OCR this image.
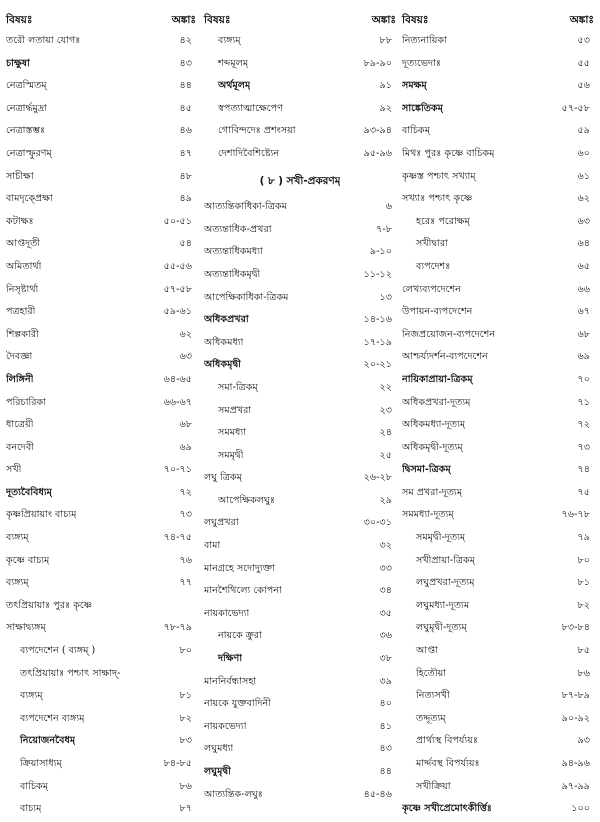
বিষয়ঃ	অঙ্কাঃ
তরৌ লতায়া যোগঃ	৪২
চাক্ষুষা	৪৩
নেত্রস্মিতম্	৪৪
নেত্রার্দ্ধমুদ্রা	৪৫
নেত্রাস্তম্ভঃ	৪৬
নেত্রাস্ফুরণম্	৪৭
সাচীক্ষা	৪৮
বামদৃক্প্রেক্ষা	৪৯
কটাক্ষঃ	৫০-৫১
আপ্তদূতী	৫৪
অমিতার্থা	৫৫-৫৬
নিসৃষ্টার্থা	৫৭-৫৮
পত্রহারী	৫৯-৬১
শিল্পকারী	৬২
দৈবজ্ঞা	৬৩
লিঙ্গিনী	৬৪-৬৫
পরিচারিকা	৬৬-৬৭
ধাত্রেয়ী	৬৮
বনদেবী	৬৯
সখী	৭০-৭১
দূত্যবৈবিধ্যম্	৭২
কৃষ্ণপ্রিয়ায়াং বাচ্যম্	৭৩
ব্যঙ্গ্যম্	৭৪-৭৫
কৃষ্ণে বাচ্যম্	৭৬
ব্যঙ্গ্যম্	৭৭
তৎপ্রিয়ায়াঃ পুরঃ কৃষ্ণে
সাক্ষাদ্ব্যঙ্গম্	৭৮-৭৯
ব্যপদেশেন ( ব্যঙ্গম্ )	৮০
তৎপ্রিয়ায়াঃ পশ্চাৎ সাক্ষাদ্-
ব্যঙ্গ্যম্	৮১
ব্যপদেশেন ব্যঙ্গ্যম্	৮২
নিয়োজনবৈধম্	৮৩
ক্রিয়াসাধ্যম্	৮৪-৮৫
বাচিকম্	৮৬
বাচ্যম্	৮৭
বিষয়ঃ	অঙ্কাঃ
ব্যঙ্গ্যম্	৮৮
শব্দমূলম্	৮৯-৯০
অর্থমূলম্	৯১
স্বপত্যাত্মাক্ষেপেণ	৯২
গোবিন্দদেঃ প্রশংসয়া	৯৩-৯৪
দেশাদিবৈশিষ্ট্যেন	৯৫-৯৬
( ৮ ) সখী-প্রকরণম্
আত্যন্তিকাধিকা-ত্রিকম	৬
অত্যন্তাধিক-প্রখরা	৭-৮
অত্যন্তাধিকমধ্যা	৯-১০
অত্যন্তাধিকমৃদ্বী	১১-১২
আপেক্ষিকাধিকা-ত্রিকম	১৩
অধিকপ্রখরা	১৪-১৬
অধিকমধ্যা	১৭-১৯
অধিকমৃদ্বী	২০-২১
সমা-ত্রিকম্	২২
সমপ্রখরা	২৩
সমমধ্যা	২৪
সমমৃদ্বী	২৫
লঘু ত্রিকম্	২৬-২৮
আপেক্ষিকলঘুঃ	২৯
লঘুপ্রখরা	৩০-৩১
বামা	৩২
মানগ্রহে সদোদ্যুক্তা	৩৩
মানশৈথিল্যে কোপনা	৩৪
নায়কাভেদ্যা	৩৫
নায়কে ক্রুরা	৩৬
দক্ষিণা	৩৮
মাননির্বন্ধাসহা	৩৯
নায়কে যুক্তবাদিনী	৪০
নায়কভেদ্যা	৪১
লঘুমধ্যা	৪৩
লঘুমৃদ্বী	৪৪
আত্যন্তিক-লঘুঃ	৪৫-৪৬
বিষয়ঃ	অঙ্কাঃ
নিত্যনায়িকা	৫৩
দূত্যভেদাঃ	৫৫
সমক্ষম্	৫৬
সাঙ্কেতিকম্	৫৭-৫৮
বাচিকম্	৫৯
মিথঃ পুরঃ কৃষ্ণে বাচিকম্	৬০
কৃষ্ণস্ত পশ্চাৎ সখ্যাম্	৬১
সখ্যাঃ পশ্চাৎ কৃষ্ণে	৬২
হরেঃ পরোক্ষম্	৬৩
সখীদ্বারা	৬৪
ব্যপদেশঃ	৬৫
লেখ্যব্যপদেশেন	৬৬
উপায়ন-ব্যপদেশেন	৬৭
নিজপ্রয়োজন-ব্যপদেশেন	৬৮
আশ্চর্য্যদর্শন-ব্যপদেশেন	৬৯
নায়িকাপ্রায়া-ত্রিকম্	৭০
অধিকপ্রখরা-দূত্যম্	৭১
অধিকমধ্যা-দূত্যম্	৭২
অধিকমৃদ্বী-দূত্যম্	৭৩
দ্বিসমা-ত্রিকম্	৭৪
সম প্রখরা-দূত্যম্	৭৫
সমমধ্যা-দূত্যম্	৭৬-৭৮
সমমৃদ্বী-দূত্যম্	৭৯
সখীপ্রায়া-ত্রিকম্	৮০
লঘুপ্রখরা-দূত্যম্	৮১
লঘুমধ্যা-দূত্যম	৮২
লঘুমৃদ্বী-দূত্যম্	৮৩-৮৪
আপ্তা	৮৫
হিতৌয়া	৮৬
নিত্যসখী	৮৭-৮৯
তদ্দূত্যম্	৯০-৯২
প্রার্থ্যস্থ বিপর্য্যয়ঃ	৯৩
মার্দ্দবস্থ বিপর্য্যয়ঃ	৯৪-৯৬
সখীক্রিয়া	৯৭-৯৯
কৃষ্ণে সখীপ্রেমোৎকীর্ত্তিঃ	১০০
